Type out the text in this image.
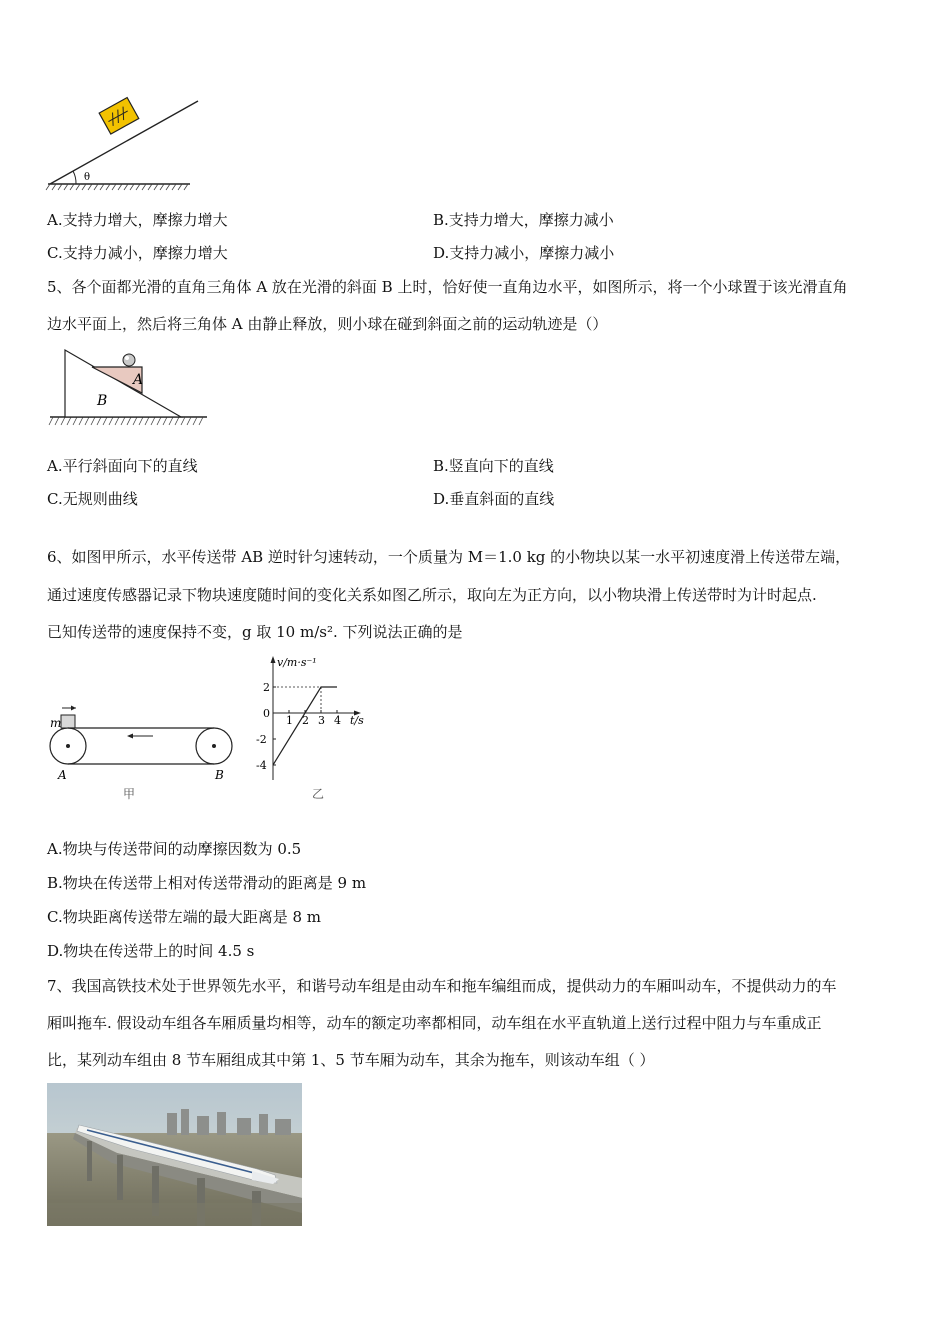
θ
A.支持力增大，摩擦力增大	B.支持力增大，摩擦力减小
C.支持力减小，摩擦力增大	D.支持力减小，摩擦力减小
5、各个面都光滑的直角三角体 A 放在光滑的斜面 B 上时，恰好使一直角边水平，如图所示，将一个小球置于该光滑直角
边水平面上，然后将三角体 A 由静止释放，则小球在碰到斜面之前的运动轨迹是（）
A
B
A.平行斜面向下的直线	B.竖直向下的直线
C.无规则曲线	D.垂直斜面的直线
6、如图甲所示，水平传送带 AB 逆时针匀速转动，一个质量为 M＝1.0 kg 的小物块以某一水平初速度滑上传送带左端，
通过速度传感器记录下物块速度随时间的变化关系如图乙所示，取向左为正方向，以小物块滑上传送带时为计时起点.
已知传送带的速度保持不变，g 取 10 m/s². 下列说法正确的是
m
A	B
甲
v/m·s⁻¹
t/s
1 2 3 4
2
0
-2
-4
乙
A.物块与传送带间的动摩擦因数为 0.5
B.物块在传送带上相对传送带滑动的距离是 9 m
C.物块距离传送带左端的最大距离是 8 m
D.物块在传送带上的时间 4.5 s
7、我国高铁技术处于世界领先水平，和谐号动车组是由动车和拖车编组而成，提供动力的车厢叫动车，不提供动力的车
厢叫拖车. 假设动车组各车厢质量均相等，动车的额定功率都相同，动车组在水平直轨道上送行过程中阻力与车重成正
比，某列动车组由 8 节车厢组成其中第 1、5 节车厢为动车，其余为拖车，则该动车组（ ）
